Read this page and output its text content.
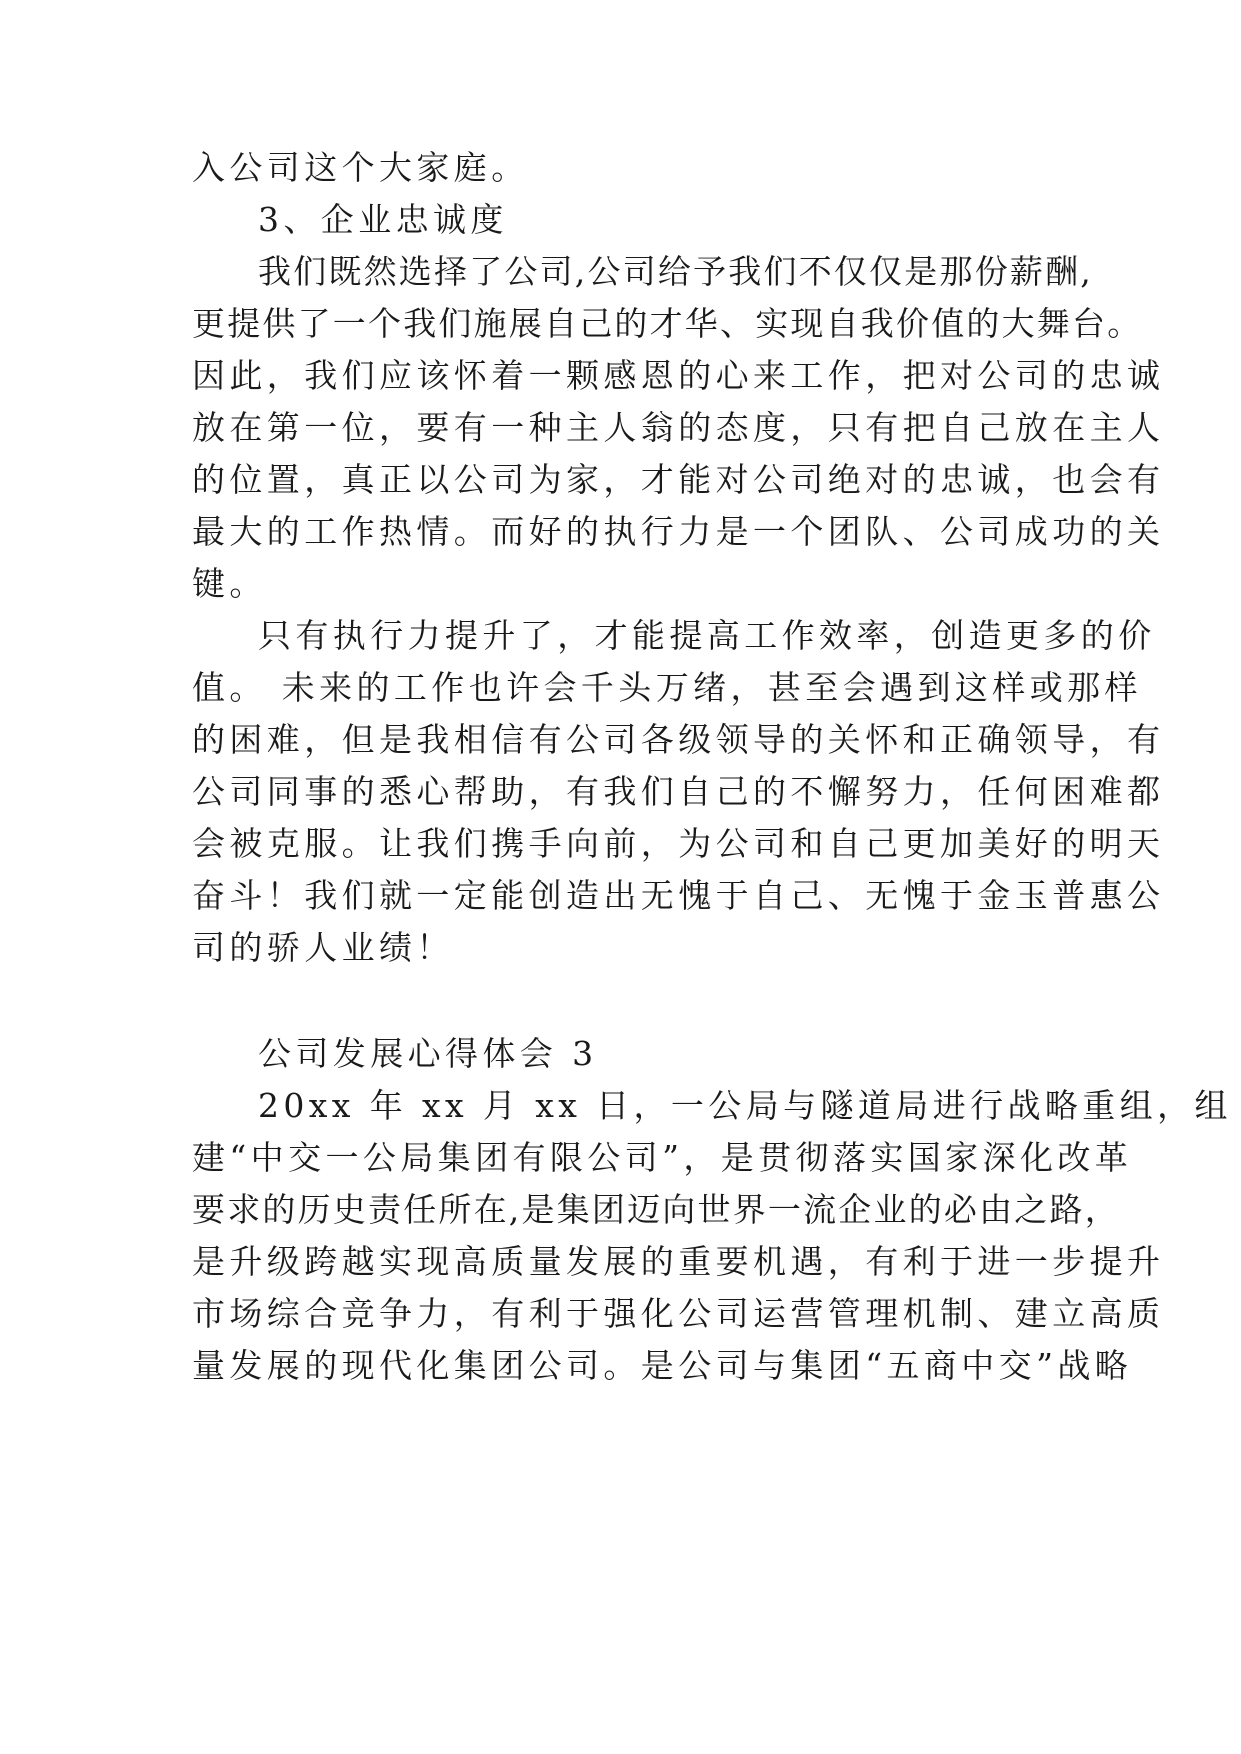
入公司这个大家庭。
3、企业忠诚度
我们既然选择了公司,公司给予我们不仅仅是那份薪酬,
更提供了一个我们施展自己的才华、实现自我价值的大舞台。
因此，我们应该怀着一颗感恩的心来工作，把对公司的忠诚
放在第一位，要有一种主人翁的态度，只有把自己放在主人
的位置，真正以公司为家，才能对公司绝对的忠诚，也会有
最大的工作热情。而好的执行力是一个团队、公司成功的关
键。
只有执行力提升了，才能提高工作效率，创造更多的价
值。 未来的工作也许会千头万绪，甚至会遇到这样或那样
的困难，但是我相信有公司各级领导的关怀和正确领导，有
公司同事的悉心帮助，有我们自己的不懈努力，任何困难都
会被克服。让我们携手向前，为公司和自己更加美好的明天
奋斗！我们就一定能创造出无愧于自己、无愧于金玉普惠公
司的骄人业绩！
公司发展心得体会 3
20xx 年 xx 月 xx 日，一公局与隧道局进行战略重组，组
建“中交一公局集团有限公司”，是贯彻落实国家深化改革
要求的历史责任所在,是集团迈向世界一流企业的必由之路，
是升级跨越实现高质量发展的重要机遇，有利于进一步提升
市场综合竞争力，有利于强化公司运营管理机制、建立高质
量发展的现代化集团公司。是公司与集团“五商中交”战略
